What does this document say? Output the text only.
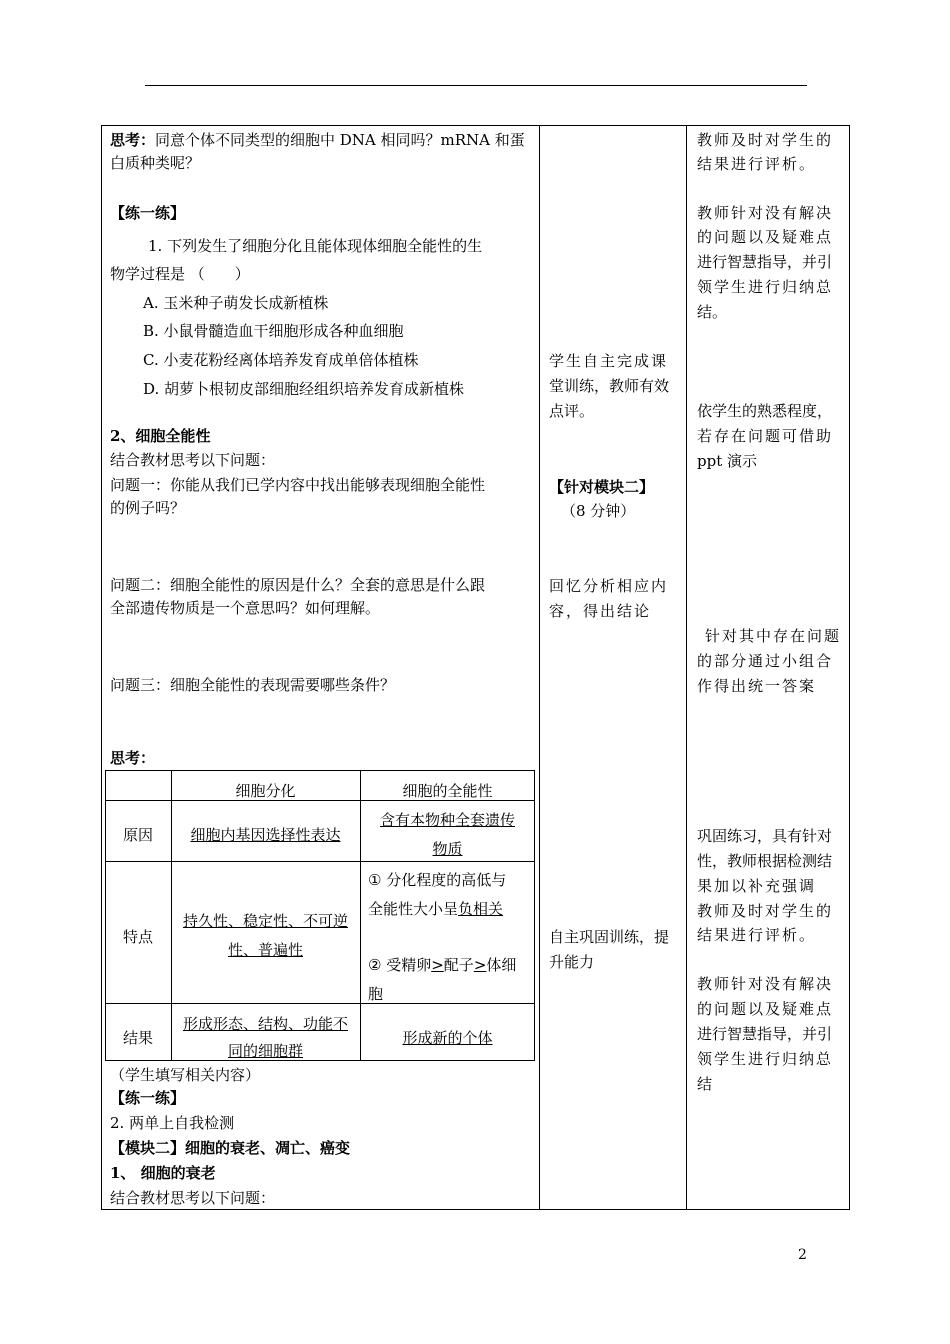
思考：同意个体不同类型的细胞中 DNA 相同吗？mRNA 和蛋
白质种类呢？
【练一练】
1. 下列发生了细胞分化且能体现体细胞全能性的生
物学过程是 （　　）
A. 玉米种子萌发长成新植株
B. 小鼠骨髓造血干细胞形成各种血细胞
C. 小麦花粉经离体培养发育成单倍体植株
D. 胡萝卜根韧皮部细胞经组织培养发育成新植株
2、细胞全能性
结合教材思考以下问题：
问题一：你能从我们已学内容中找出能够表现细胞全能性
的例子吗？
问题二：细胞全能性的原因是什么？全套的意思是什么跟
全部遗传物质是一个意思吗？如何理解。
问题三：细胞全能性的表现需要哪些条件？
思考：
细胞分化	细胞的全能性
原因	细胞内基因选择性表达
含有本物种全套遗传
物质
特点
持久性、稳定性、不可逆
性、普遍性
① 分化程度的高低与
全能性大小呈负相关
② 受精卵>配子>体细
胞
结果
形成形态、结构、功能不
同的细胞群
形成新的个体
（学生填写相关内容）
【练一练】
2. 两单上自我检测
【模块二】细胞的衰老、凋亡、癌变
1、 细胞的衰老
结合教材思考以下问题：
学生自主完成课
堂训练，教师有效
点评。
【针对模块二】
（8 分钟）
回忆分析相应内
容，得出结论
自主巩固训练，提
升能力
教师及时对学生的
结果进行评析。
教师针对没有解决
的问题以及疑难点
进行智慧指导，并引
领学生进行归纳总
结。
依学生的熟悉程度，
若存在问题可借助
ppt 演示
针对其中存在问题
的部分通过小组合
作得出统一答案
巩固练习，具有针对
性，教师根据检测结
果加以补充强调
教师及时对学生的
结果进行评析。
教师针对没有解决
的问题以及疑难点
进行智慧指导，并引
领学生进行归纳总
结
2
